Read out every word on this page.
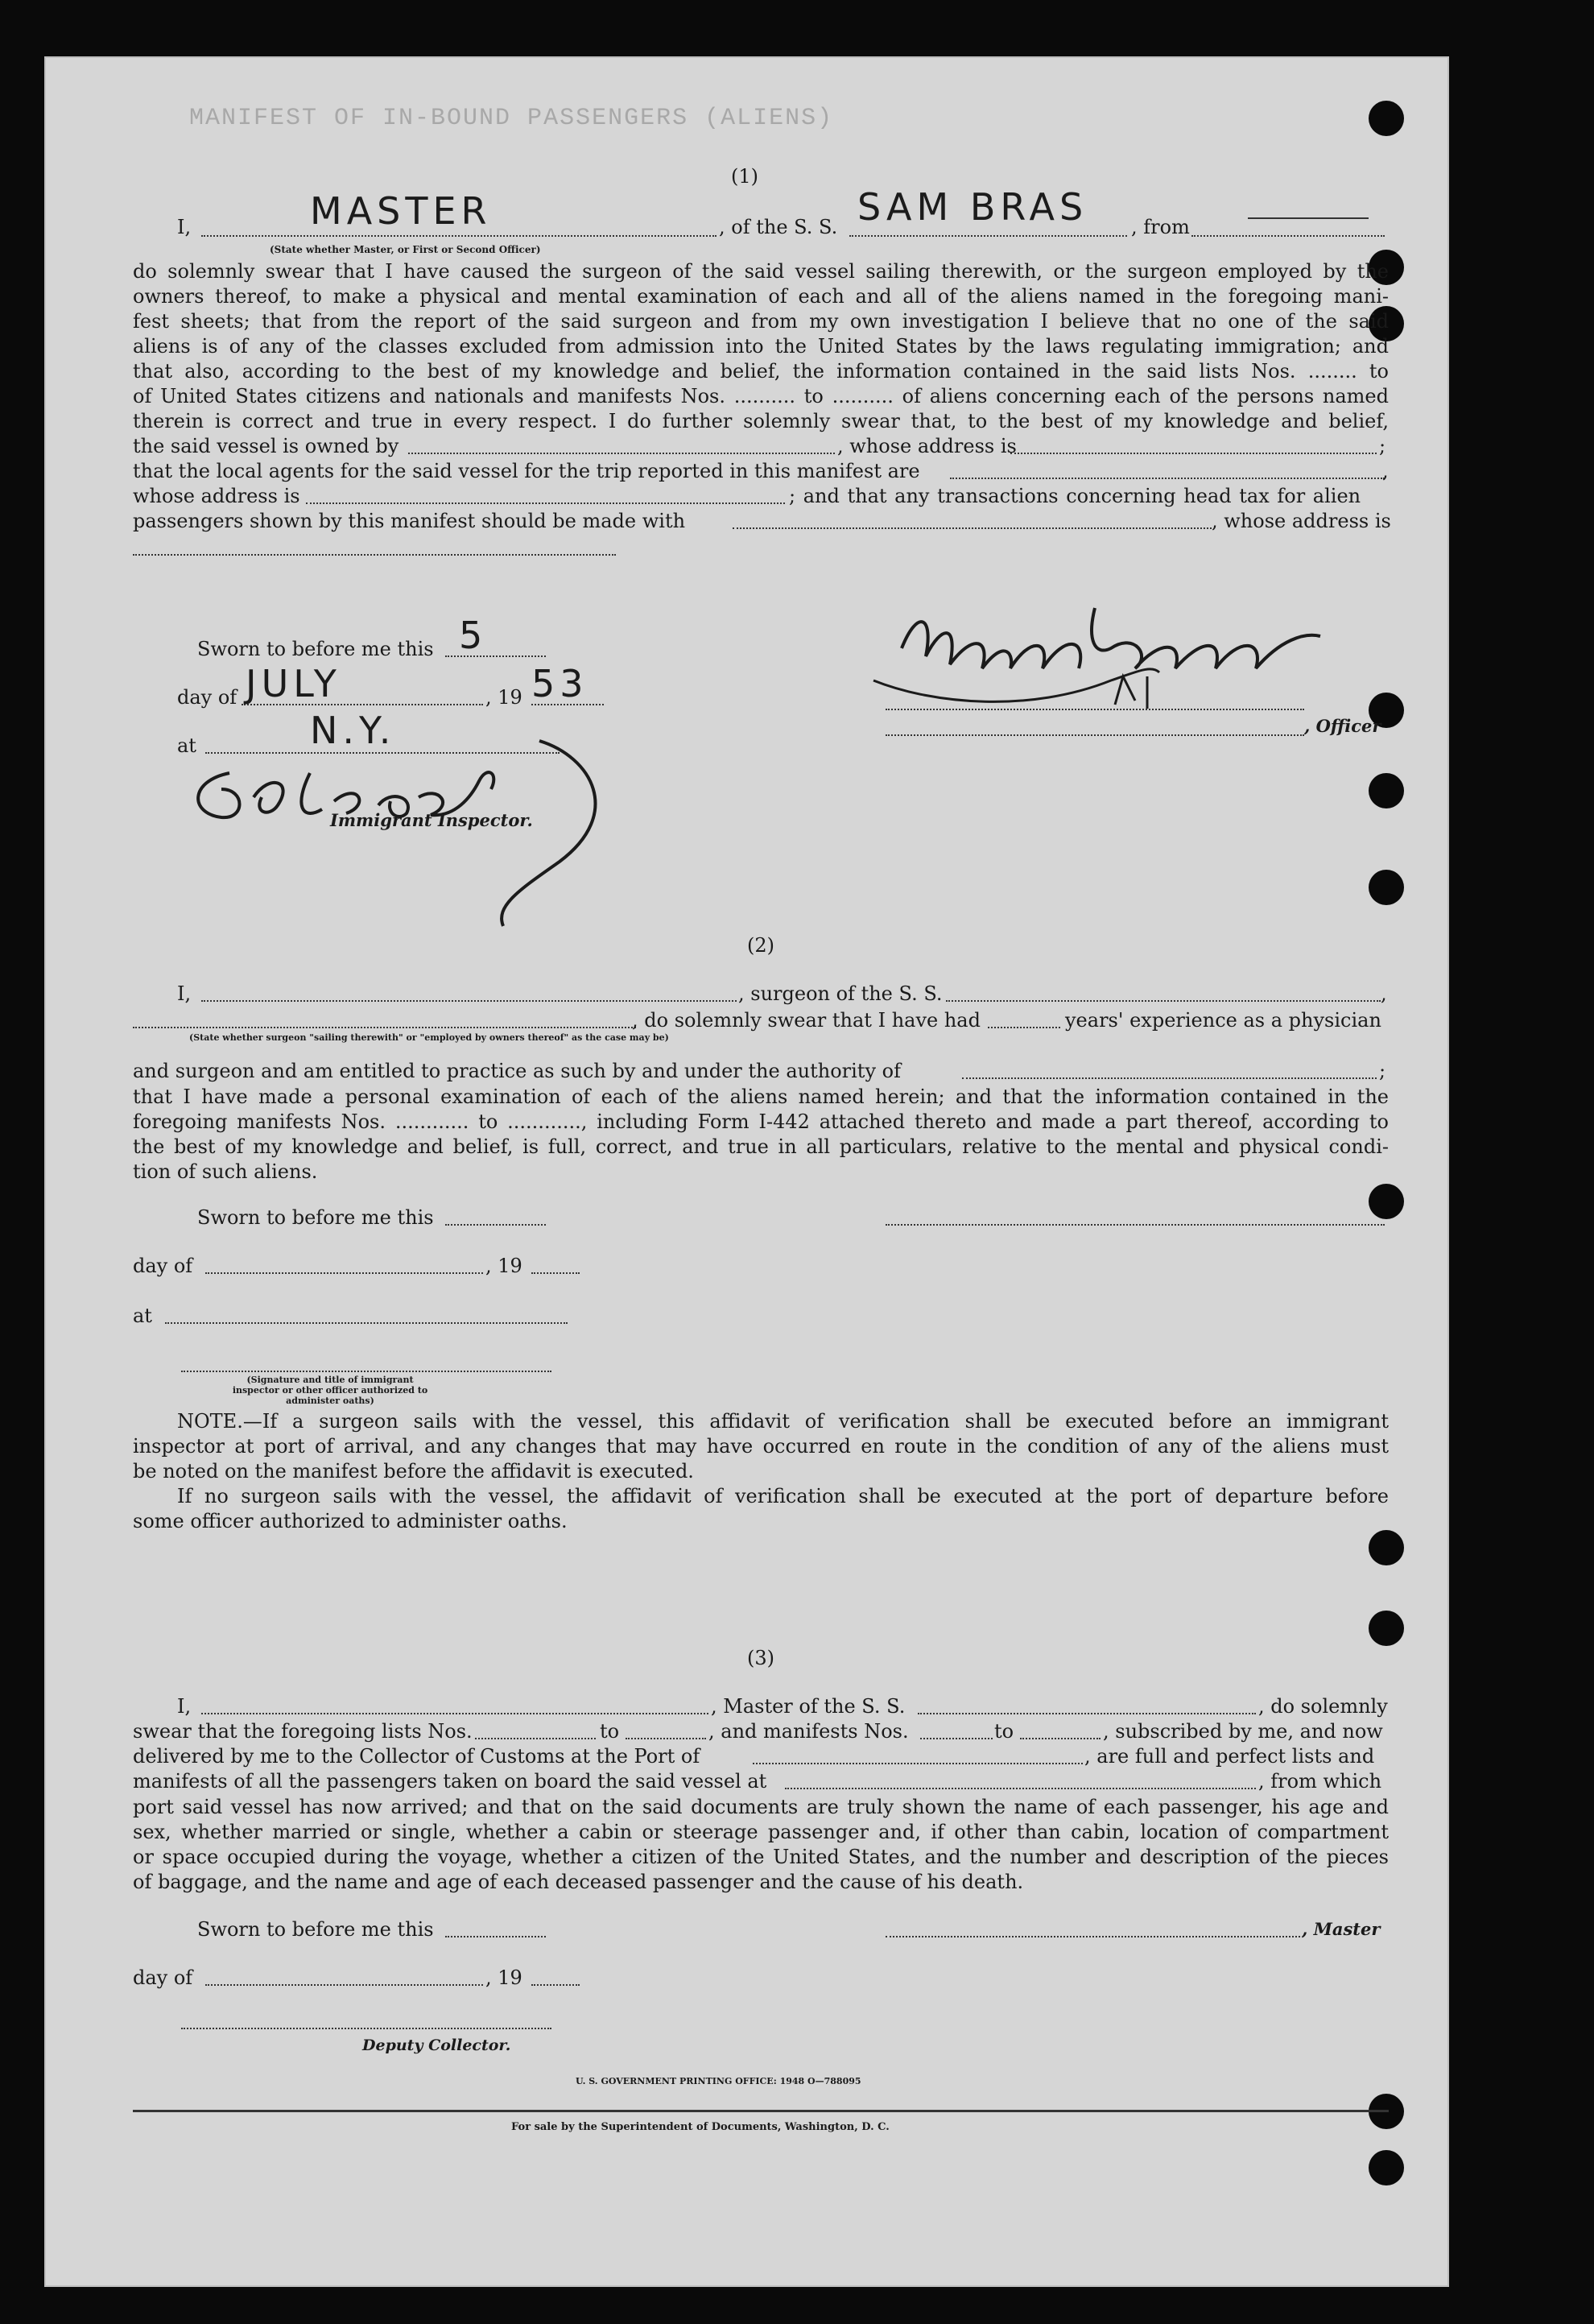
MANIFEST OF IN-BOUND PASSENGERS (ALIENS)
(1)
I,	MASTER
(State whether Master, or First or Second Officer)
, of the S. S. SAM BRAS , from
do solemnly swear that I have caused the surgeon of the said vessel sailing therewith, or the surgeon employed by the
owners thereof, to make a physical and mental examination of each and all of the aliens named in the foregoing mani-
fest sheets; that from the report of the said surgeon and from my own investigation I believe that no one of the said
aliens is of any of the classes excluded from admission into the United States by the laws regulating immigration; and
that also, according to the best of my knowledge and belief, the information contained in the said lists Nos. ........ to
of United States citizens and nationals and manifests Nos. .......... to .......... of aliens concerning each of the persons named
therein is correct and true in every respect. I do further solemnly swear that, to the best of my knowledge and belief,
the said vessel is owned by	, whose address is	;
that the local agents for the said vessel for the trip reported in this manifest are	,
whose address is	; and that any transactions concerning head tax for alien
passengers shown by this manifest should be made with	, whose address is
Sworn to before me this 5
day of JULY	, 19 53
at	N.Y.
Immigrant Inspector.
, Officer
(2)
I,	, surgeon of the S. S.	,
, do solemnly swear that I have had	years' experience as a physician
(State whether surgeon "sailing therewith" or "employed by owners thereof" as the case may be)
and surgeon and am entitled to practice as such by and under the authority of	;
that I have made a personal examination of each of the aliens named herein; and that the information contained in the
foregoing manifests Nos. ............ to ............, including Form I-442 attached thereto and made a part thereof, according to
the best of my knowledge and belief, is full, correct, and true in all particulars, relative to the mental and physical condi-
tion of such aliens.
Sworn to before me this
day of	, 19
at
(Signature and title of immigrant inspector or other officer authorized to administer oaths)
NOTE.—If a surgeon sails with the vessel, this affidavit of verification shall be executed before an immigrant
inspector at port of arrival, and any changes that may have occurred en route in the condition of any of the aliens must
be noted on the manifest before the affidavit is executed.
If no surgeon sails with the vessel, the affidavit of verification shall be executed at the port of departure before
some officer authorized to administer oaths.
(3)
I,	, Master of the S. S.	, do solemnly
swear that the foregoing lists Nos.	to	, and manifests Nos.	to	, subscribed by me, and now
delivered by me to the Collector of Customs at the Port of	, are full and perfect lists and
manifests of all the passengers taken on board the said vessel at	, from which
port said vessel has now arrived; and that on the said documents are truly shown the name of each passenger, his age and
sex, whether married or single, whether a cabin or steerage passenger and, if other than cabin, location of compartment
or space occupied during the voyage, whether a citizen of the United States, and the number and description of the pieces
of baggage, and the name and age of each deceased passenger and the cause of his death.
Sworn to before me this	, Master
day of	, 19
Deputy Collector.
U. S. GOVERNMENT PRINTING OFFICE: 1948 O—788095
For sale by the Superintendent of Documents, Washington, D. C.
